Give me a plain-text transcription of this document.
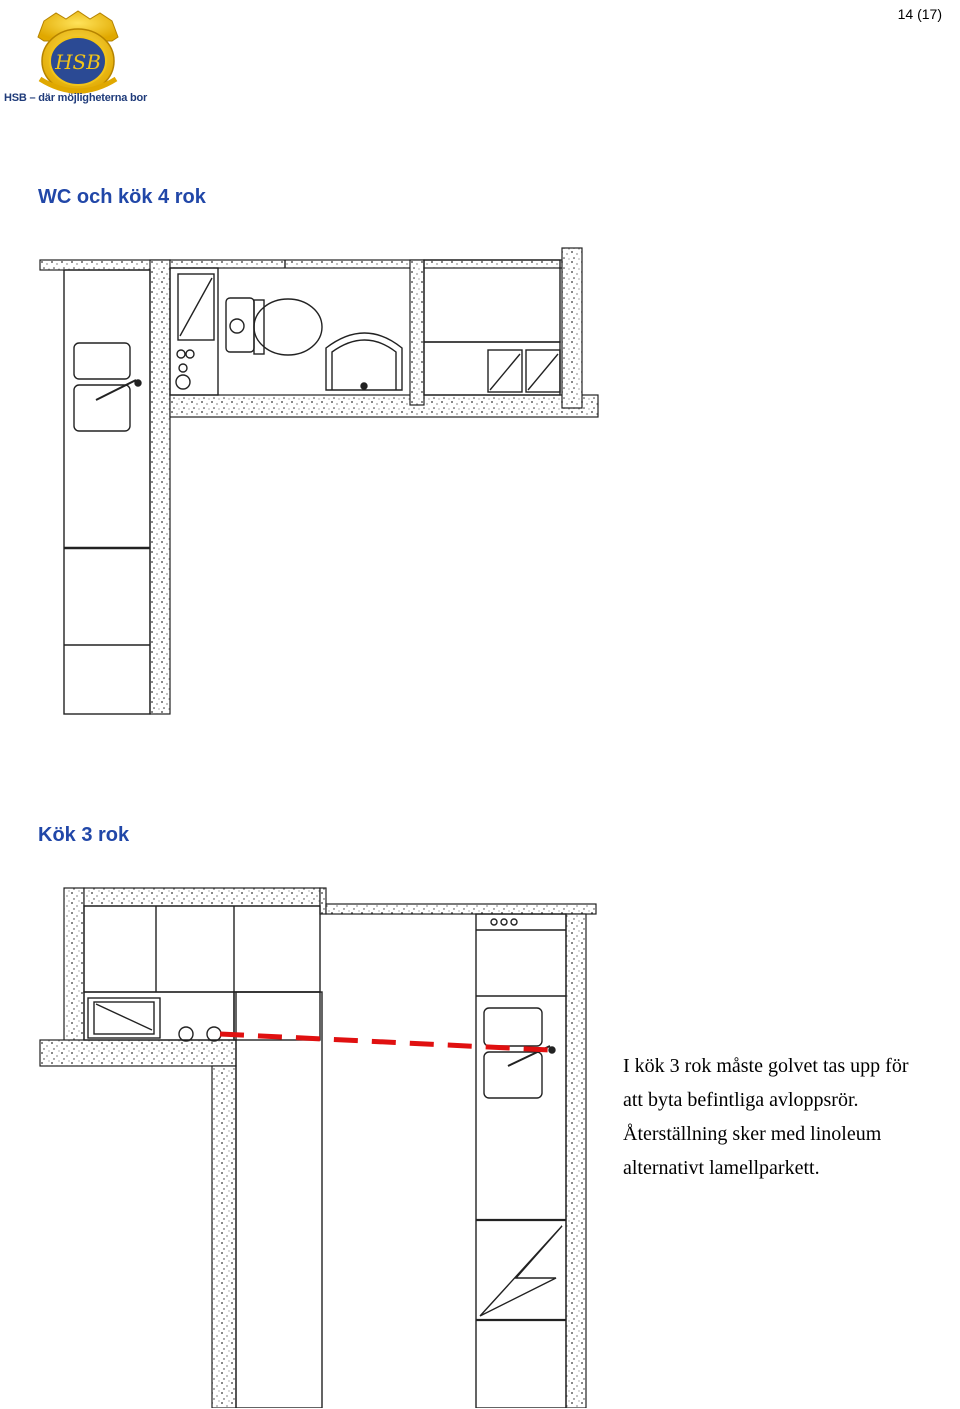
14 (17)
HSB
HSB – där möjligheterna bor
WC och kök 4 rok
Kök 3 rok

I kök 3 rok måste golvet tas upp för

att byta befintliga avloppsrör.

Återställning sker med linoleum

alternativt lamellparkett.
